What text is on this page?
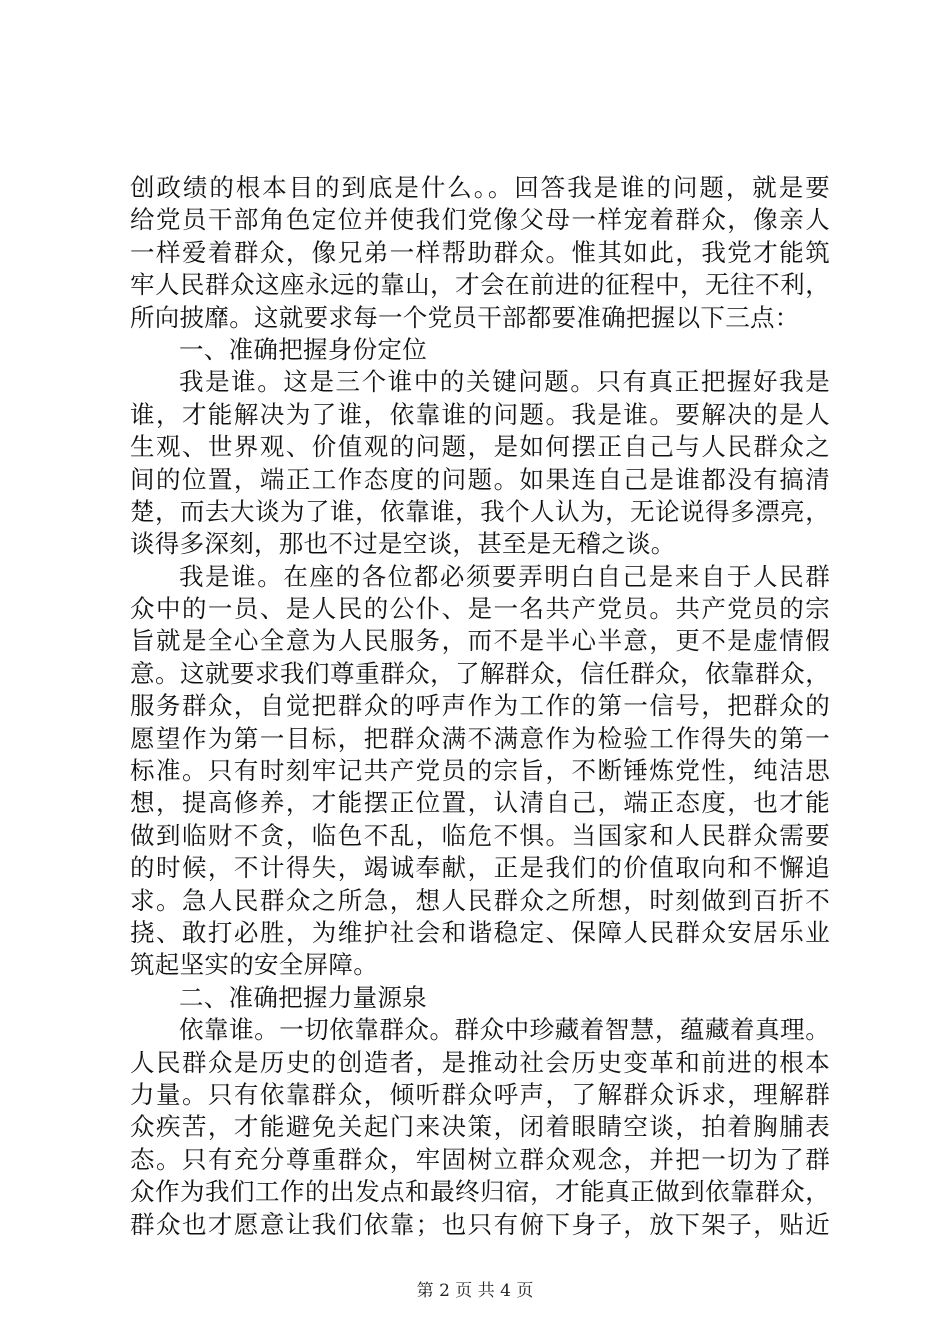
创政绩的根本目的到底是什么。。回答我是谁的问题，就是要
给党员干部角色定位并使我们党像父母一样宠着群众，像亲人
一样爱着群众，像兄弟一样帮助群众。惟其如此，我党才能筑
牢人民群众这座永远的靠山，才会在前进的征程中，无往不利，
所向披靡。这就要求每一个党员干部都要准确把握以下三点：
一、准确把握身份定位
我是谁。这是三个谁中的关键问题。只有真正把握好我是
谁，才能解决为了谁，依靠谁的问题。我是谁。要解决的是人
生观、世界观、价值观的问题，是如何摆正自己与人民群众之
间的位置，端正工作态度的问题。如果连自己是谁都没有搞清
楚，而去大谈为了谁，依靠谁，我个人认为，无论说得多漂亮，
谈得多深刻，那也不过是空谈，甚至是无稽之谈。
我是谁。在座的各位都必须要弄明白自己是来自于人民群
众中的一员、是人民的公仆、是一名共产党员。共产党员的宗
旨就是全心全意为人民服务，而不是半心半意，更不是虚情假
意。这就要求我们尊重群众，了解群众，信任群众，依靠群众，
服务群众，自觉把群众的呼声作为工作的第一信号，把群众的
愿望作为第一目标，把群众满不满意作为检验工作得失的第一
标准。只有时刻牢记共产党员的宗旨，不断锤炼党性，纯洁思
想，提高修养，才能摆正位置，认清自己，端正态度，也才能
做到临财不贪，临色不乱，临危不惧。当国家和人民群众需要
的时候，不计得失，竭诚奉献，正是我们的价值取向和不懈追
求。急人民群众之所急，想人民群众之所想，时刻做到百折不
挠、敢打必胜，为维护社会和谐稳定、保障人民群众安居乐业
筑起坚实的安全屏障。
二、准确把握力量源泉
依靠谁。一切依靠群众。群众中珍藏着智慧，蕴藏着真理。
人民群众是历史的创造者，是推动社会历史变革和前进的根本
力量。只有依靠群众，倾听群众呼声，了解群众诉求，理解群
众疾苦，才能避免关起门来决策，闭着眼睛空谈，拍着胸脯表
态。只有充分尊重群众，牢固树立群众观念，并把一切为了群
众作为我们工作的出发点和最终归宿，才能真正做到依靠群众，
群众也才愿意让我们依靠；也只有俯下身子，放下架子，贴近
第 2 页 共 4 页
